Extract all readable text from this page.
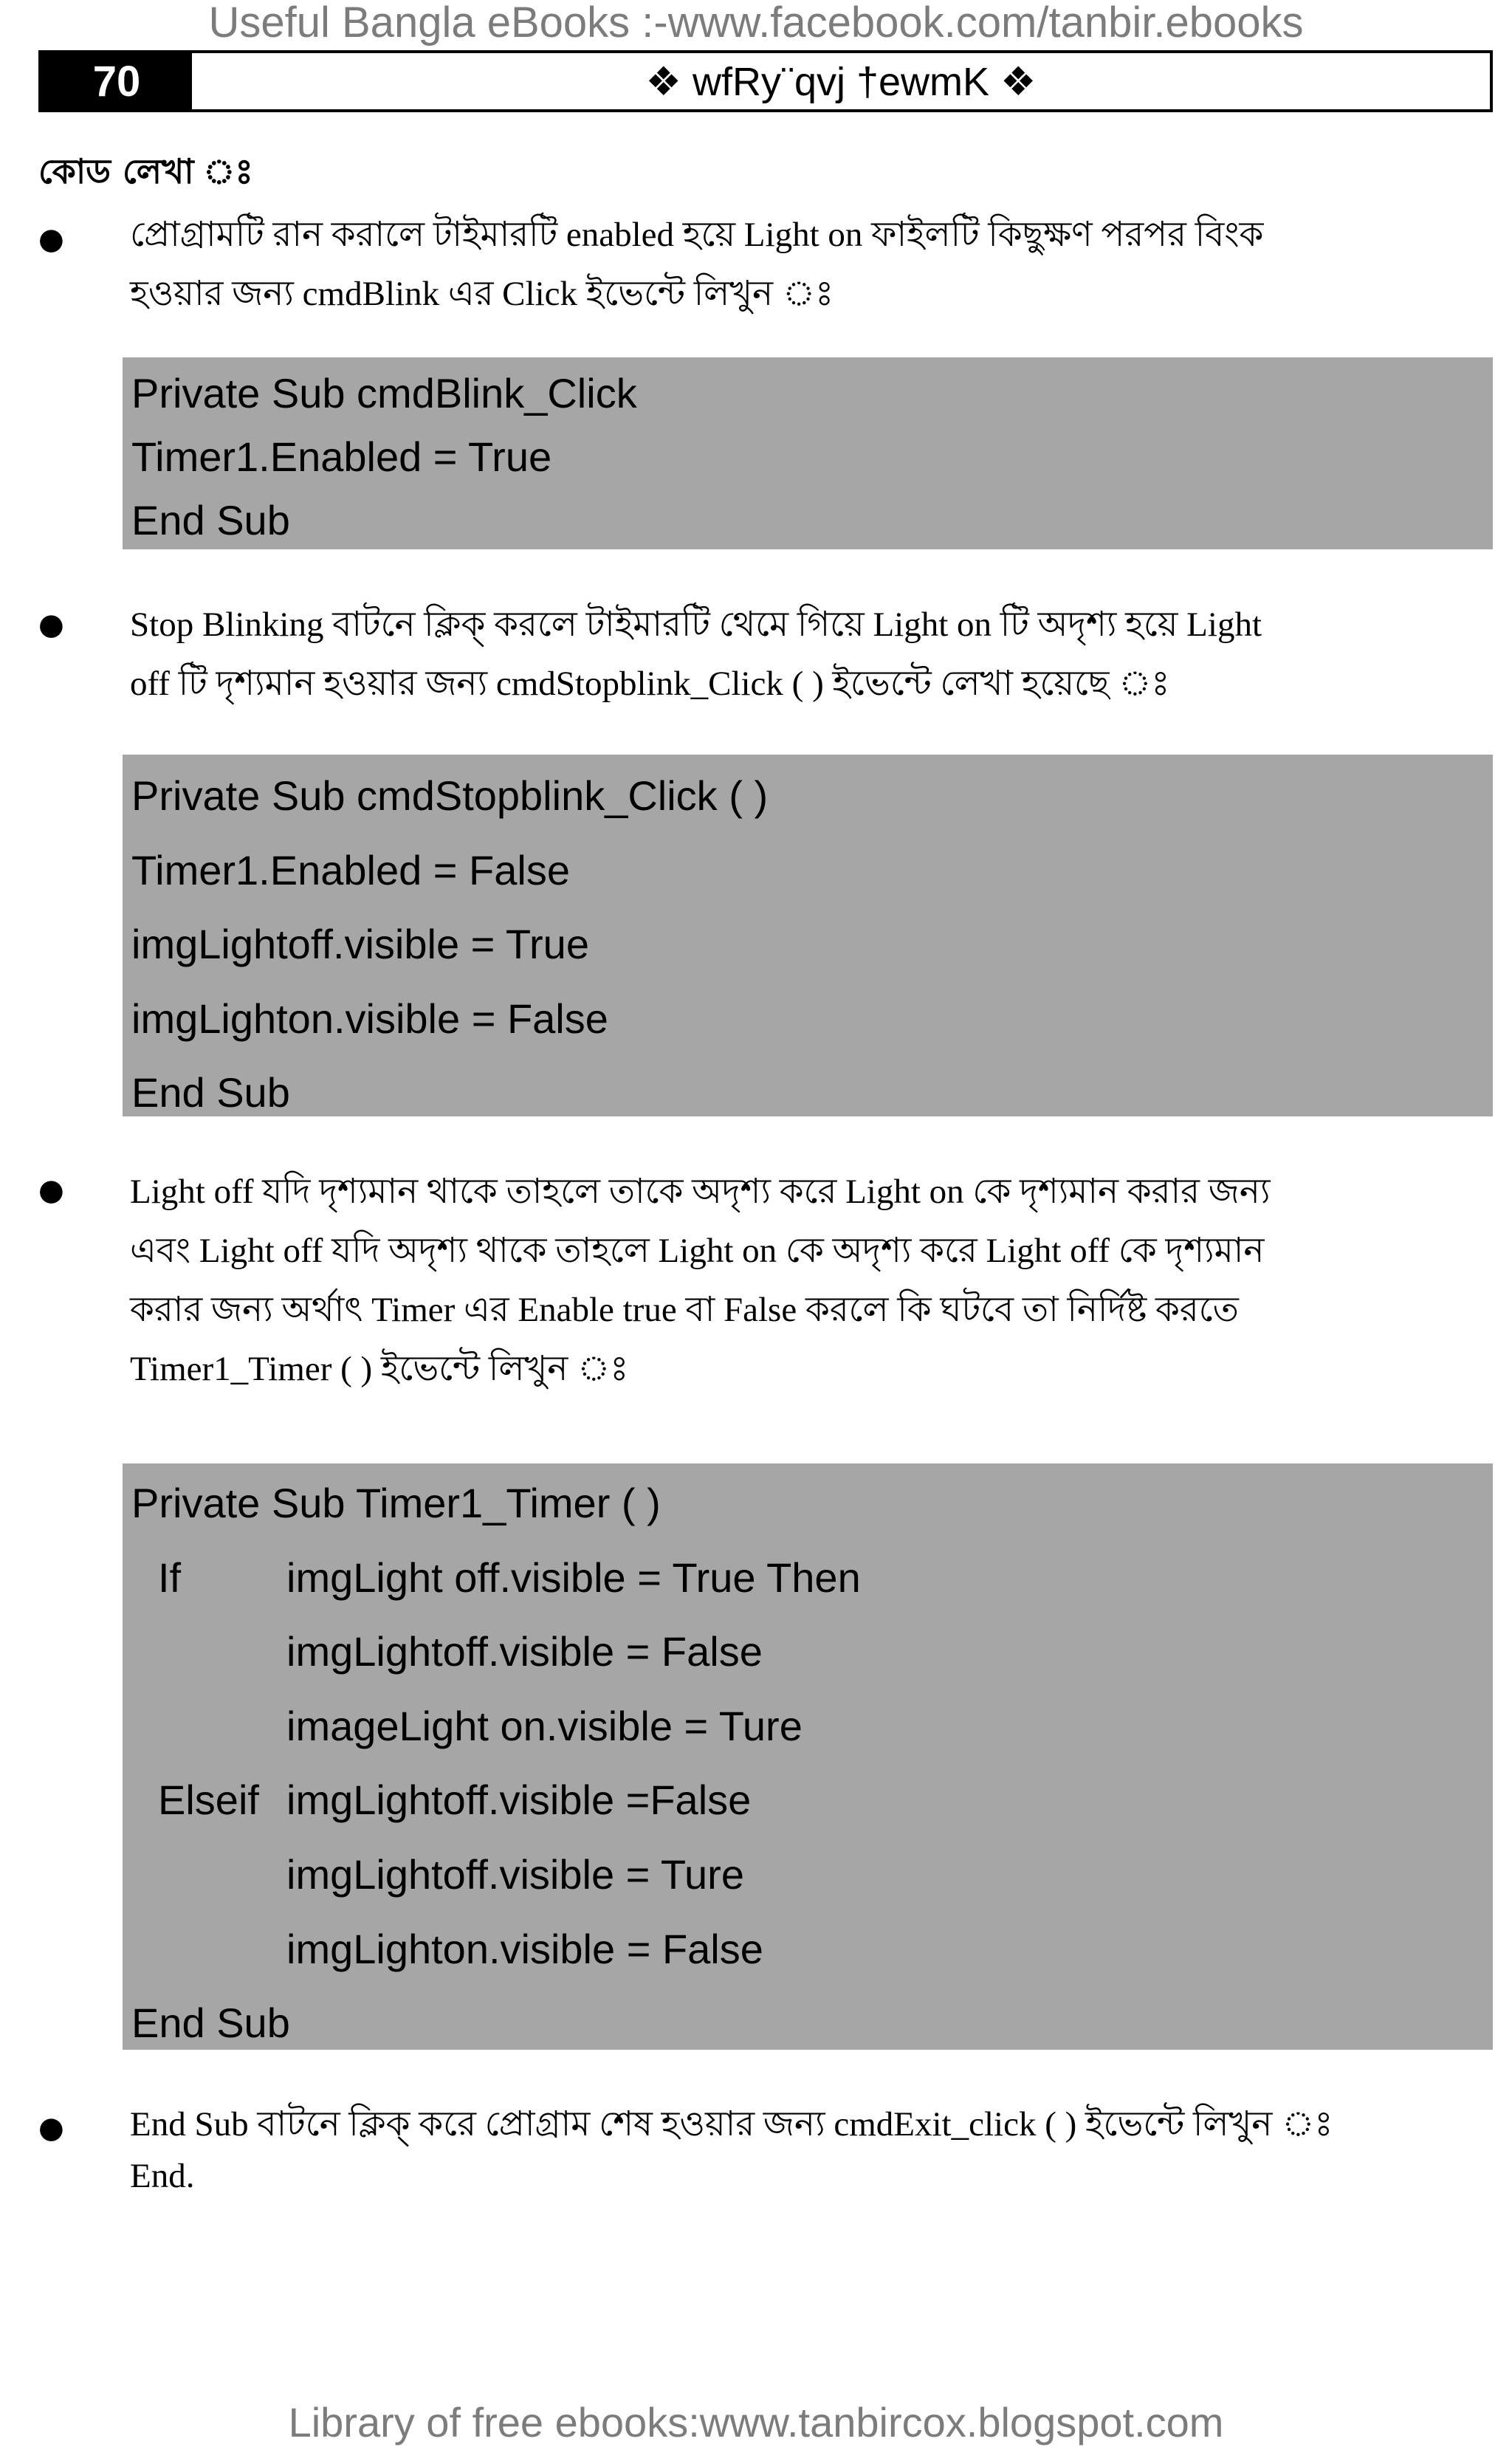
Useful Bangla eBooks :-www.facebook.com/tanbir.ebooks
70	❖ wfRy¨qvj †ewmK ❖
কোড লেখা ঃ
● প্রোগ্রামটি রান করালে টাইমারটি enabled হয়ে Light on ফাইলটি কিছুক্ষণ পরপর বিংক
হওয়ার জন্য cmdBlink এর Click ইভেন্টে লিখুন ঃ
Private Sub cmdBlink_Click
Timer1.Enabled = True
End Sub
● Stop Blinking বাটনে ক্লিক্ করলে টাইমারটি থেমে গিয়ে Light on টি অদৃশ্য হয়ে Light
off টি দৃশ্যমান হওয়ার জন্য cmdStopblink_Click ( ) ইভেন্টে লেখা হয়েছে ঃ
Private Sub cmdStopblink_Click ( )
Timer1.Enabled = False
imgLightoff.visible = True
imgLighton.visible = False
End Sub
● Light off যদি দৃশ্যমান থাকে তাহলে তাকে অদৃশ্য করে Light on কে দৃশ্যমান করার জন্য
এবং Light off যদি অদৃশ্য থাকে তাহলে Light on কে অদৃশ্য করে Light off কে দৃশ্যমান
করার জন্য অর্থাৎ Timer এর Enable true বা False করলে কি ঘটবে তা নির্দিষ্ট করতে
Timer1_Timer ( ) ইভেন্টে লিখুন ঃ
Private Sub Timer1_Timer ( )
If	imgLight off.visible = True Then
imgLightoff.visible = False
imageLight on.visible = Ture
Elseif imgLightoff.visible =False
imgLightoff.visible = Ture
imgLighton.visible = False
End Sub
● End Sub বাটনে ক্লিক্ করে প্রোগ্রাম শেষ হওয়ার জন্য cmdExit_click ( ) ইভেন্টে লিখুন ঃ
End.
Library of free ebooks:www.tanbircox.blogspot.com
